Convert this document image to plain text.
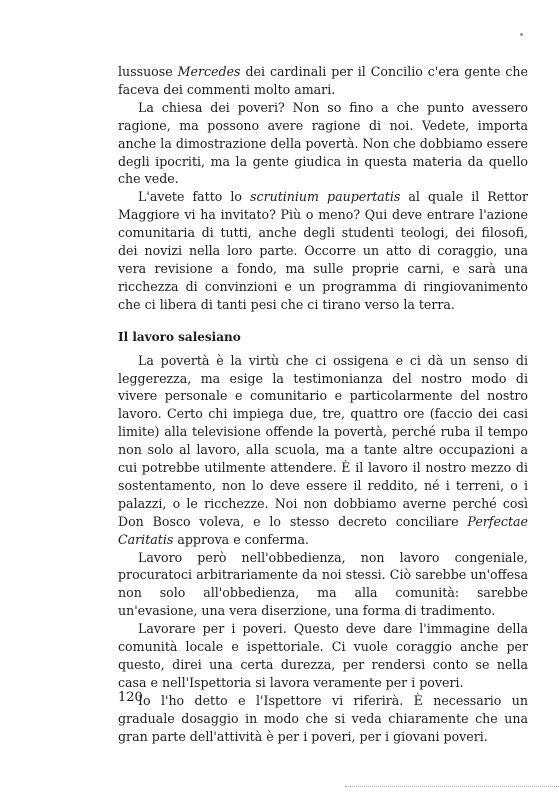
lussuose Mercedes dei cardinali per il Concilio c'era gente che faceva dei commenti molto amari.

La chiesa dei poveri? Non so fino a che punto avessero ragione, ma possono avere ragione di noi. Vedete, importa anche la dimostrazione della povertà. Non che dobbiamo essere degli ipocriti, ma la gente giudica in questa materia da quello che vede.

L'avete fatto lo scrutinium paupertatis al quale il Rettor Maggiore vi ha invitato? Più o meno? Qui deve entrare l'azione comunitaria di tutti, anche degli studenti teologi, dei filosofi, dei novizi nella loro parte. Occorre un atto di coraggio, una vera revisione a fondo, ma sulle proprie carni, e sarà una ricchezza di convinzioni e un programma di ringiovanimento che ci libera di tanti pesi che ci tirano verso la terra.

Il lavoro salesiano

La povertà è la virtù che ci ossigena e ci dà un senso di leggerezza, ma esige la testimonianza del nostro modo di vivere personale e comunitario e particolarmente del nostro lavoro. Certo chi impiega due, tre, quattro ore (faccio dei casi limite) alla televisione offende la povertà, perché ruba il tempo non solo al lavoro, alla scuola, ma a tante altre occupazioni a cui potrebbe utilmente attendere. È il lavoro il nostro mezzo di sostentamento, non lo deve essere il reddito, né i terreni, o i palazzi, o le ricchezze. Noi non dobbiamo averne perché così Don Bosco voleva, e lo stesso decreto conciliare Perfectae Caritatis approva e conferma.

Lavoro però nell'obbedienza, non lavoro congeniale, procuratoci arbitrariamente da noi stessi. Ciò sarebbe un'offesa non solo all'obbedienza, ma alla comunità: sarebbe un'evasione, una vera diserzione, una forma di tradimento.

Lavorare per i poveri. Questo deve dare l'immagine della comunità locale e ispettoriale. Ci vuole coraggio anche per questo, direi una certa durezza, per rendersi conto se nella casa e nell'Ispettoria si lavora veramente per i poveri.

Io l'ho detto e l'Ispettore vi riferirà. È necessario un graduale dosaggio in modo che si veda chiaramente che una gran parte dell'attività è per i poveri, per i giovani poveri.

120
